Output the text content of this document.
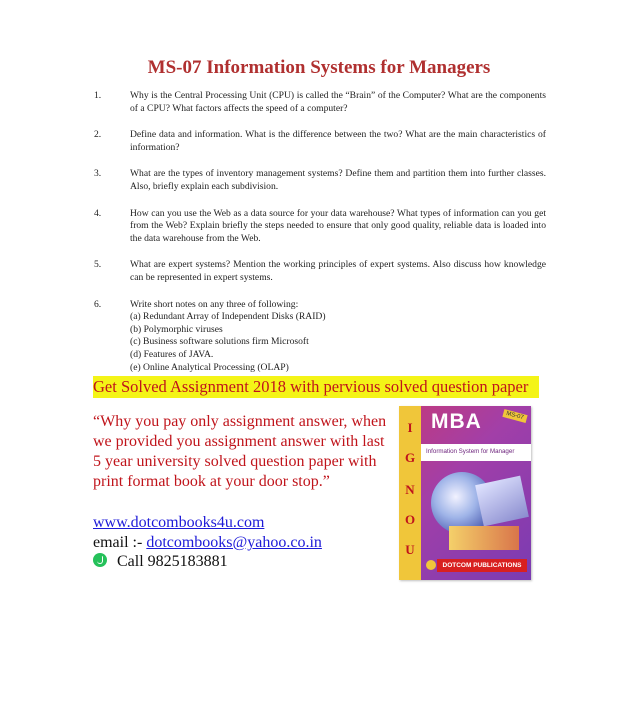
MS-07 Information Systems for Managers
1.	Why is the Central Processing Unit (CPU) is called the “Brain” of the Computer? What are the components of a CPU? What factors affects the speed of a computer?
2.	Define data and information. What is the difference between the two? What are the main characteristics of information?
3.	What are the types of inventory management systems? Define them and partition them into further classes. Also, briefly explain each subdivision.
4.	How can you use the Web as a data source for your data warehouse? What types of information can you get from the Web? Explain briefly the steps needed to ensure that only good quality, reliable data is loaded into the data warehouse from the Web.
5.	What are expert systems? Mention the working principles of expert systems. Also discuss how knowledge can be represented in expert systems.
6.	Write short notes on any three of following:
(a) Redundant Array of Independent Disks (RAID)
(b) Polymorphic viruses
(c) Business software solutions firm Microsoft
(d) Features of JAVA.
(e) Online Analytical Processing (OLAP)
Get Solved Assignment 2018 with pervious solved question paper
“Why you pay only assignment answer, when we provided you assignment answer with last 5 year university solved question paper with print format book at your door stop.”
www.dotcombooks4u.com
email :- dotcombooks@yahoo.co.in
Call 9825183881
I
G
N
O
U
MBA	MS-07
Information System for Manager
DOTCOM PUBLICATIONS
